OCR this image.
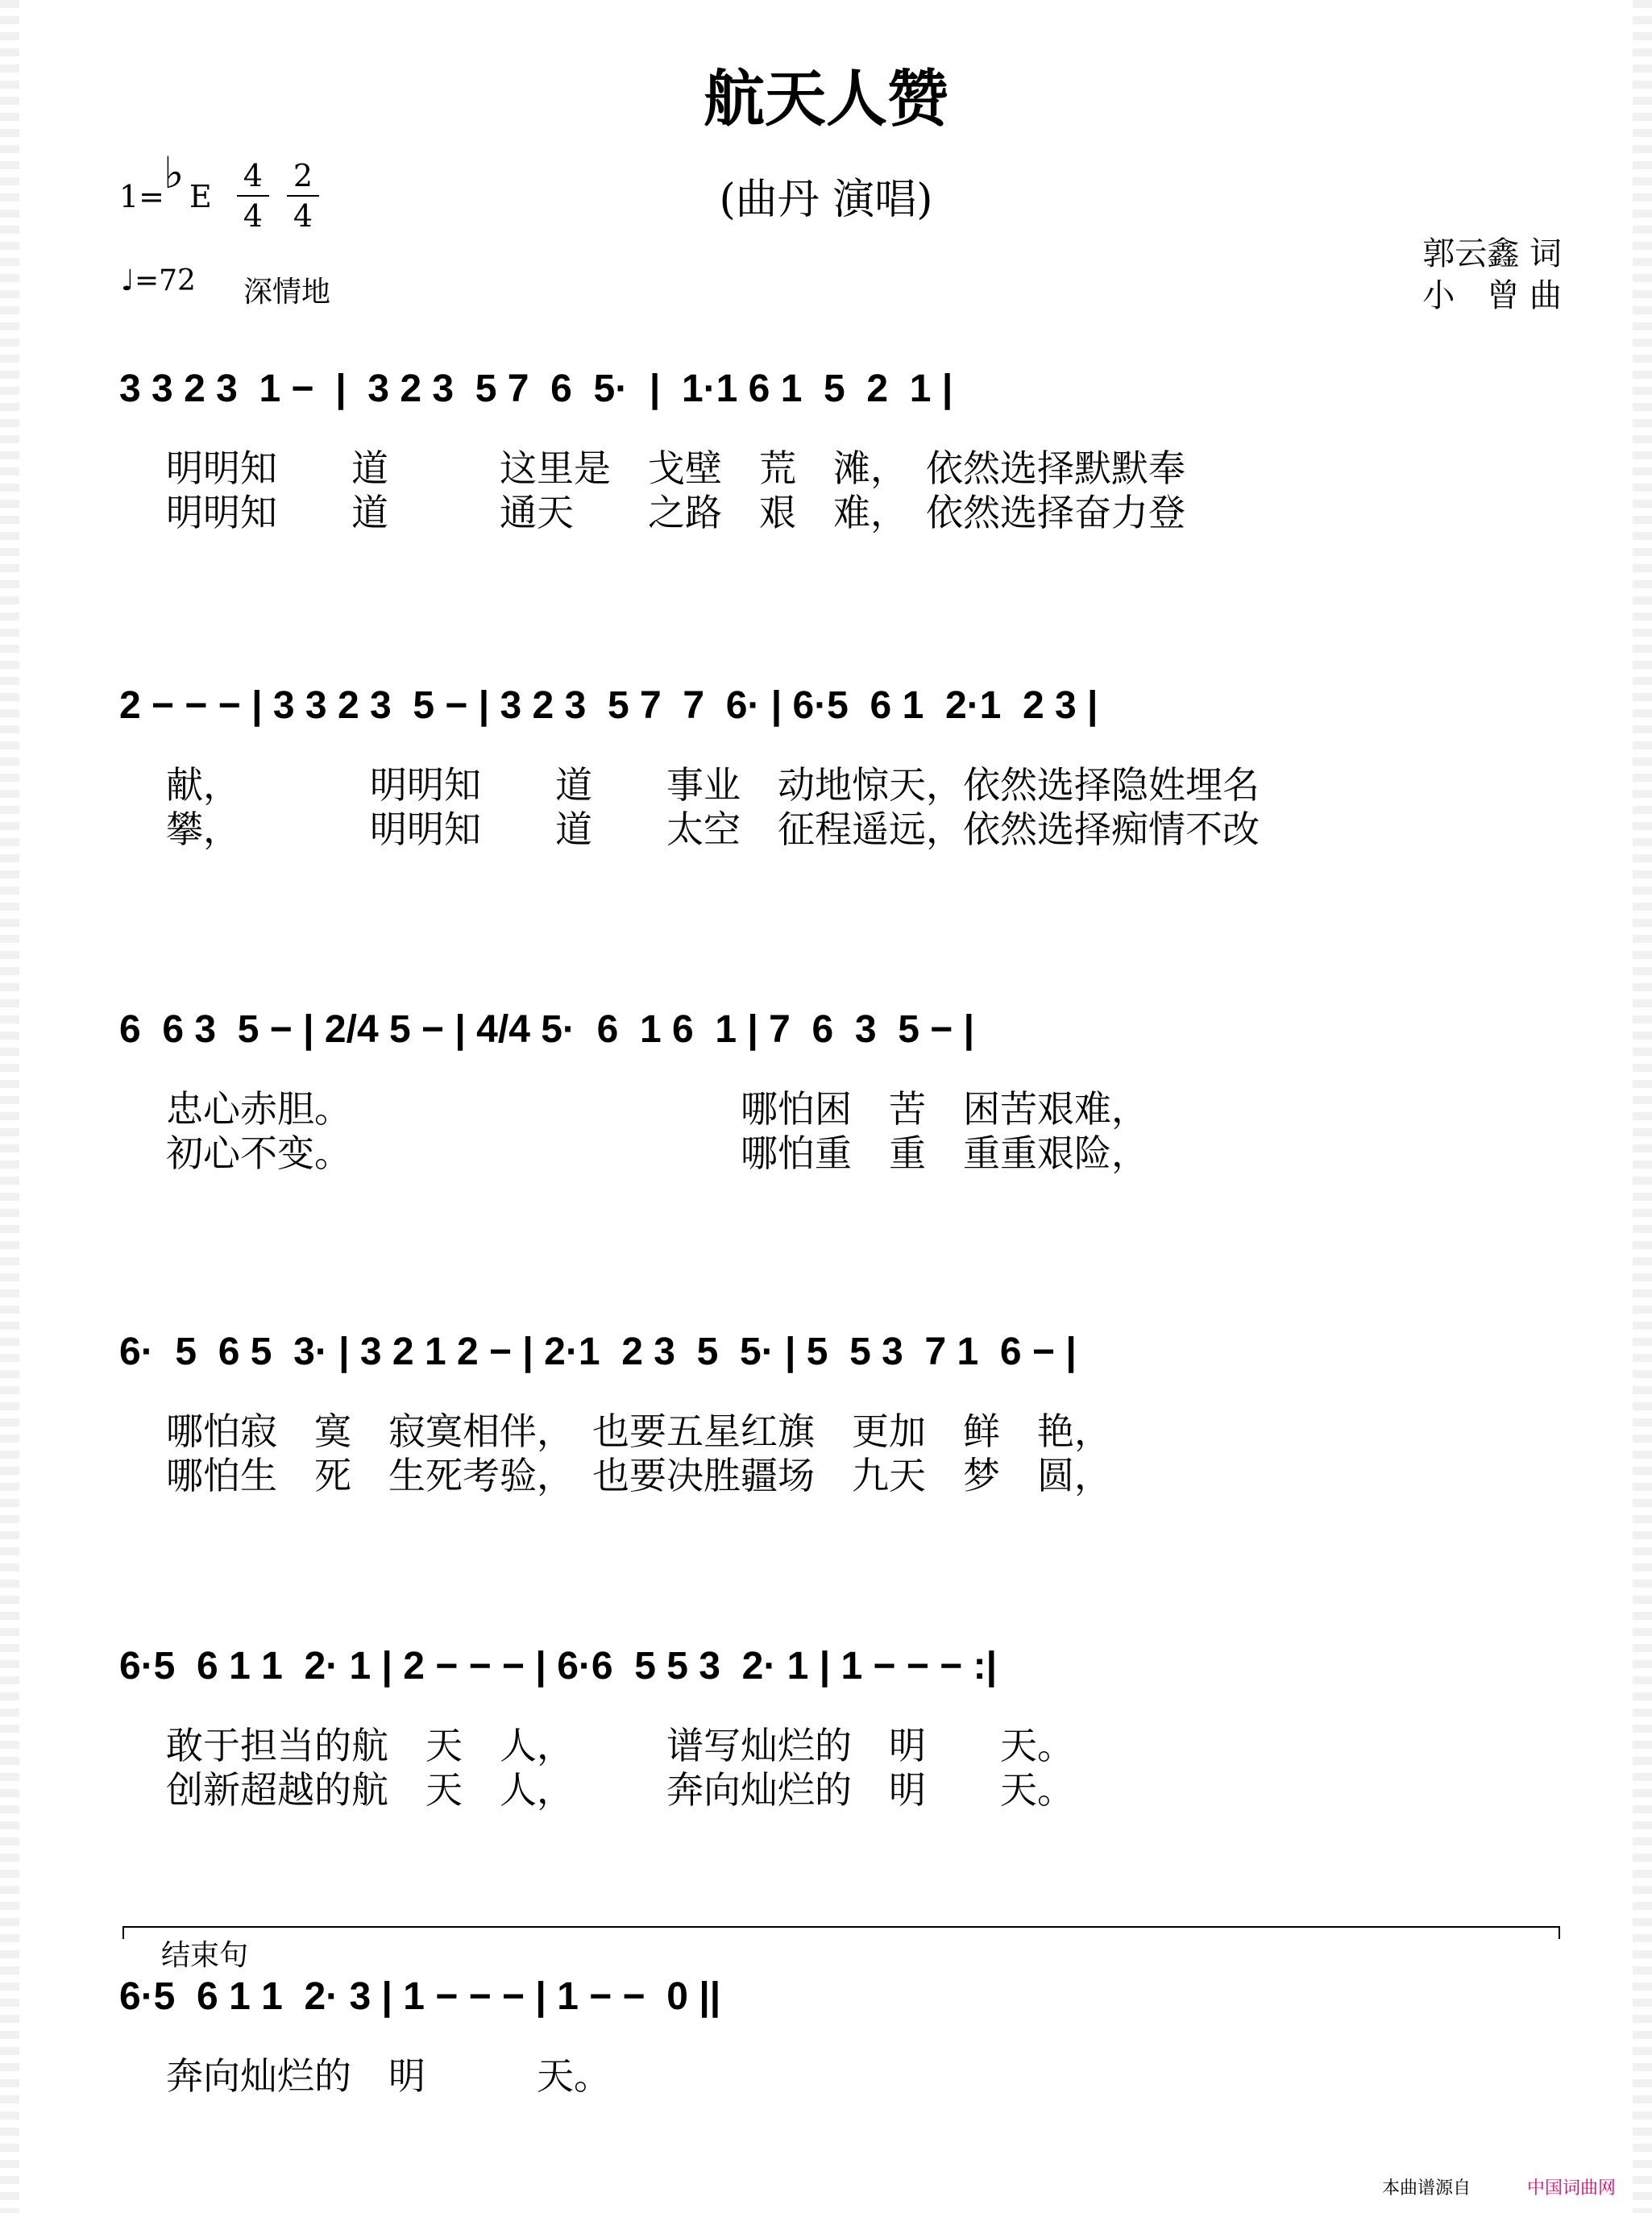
航天人赞
(曲丹 演唱)
1=
♭ E
4
4
2
4
♩=72 深情地
郭云鑫 词
小　曾 曲
3 3 2 3  1 −  |  3 2 3  5 7  6  5·  |  1·1 6 1  5  2  1 |
明明知　　道　　　这里是　戈壁　荒　滩，　依然选择默默奉
明明知　　道　　　通天　　之路　艰　难，　依然选择奋力登
2 − − − | 3 3 2 3  5 − | 3 2 3  5 7  7  6· | 6·5  6 1  2·1  2 3 |
献，　　　　明明知　　道　　事业　动地惊天，依然选择隐姓埋名
攀，　　　　明明知　　道　　太空　征程遥远，依然选择痴情不改
6  6 3  5 − | 2/4 5 − | 4/4 5·  6  1 6  1 | 7  6  3  5 − |
忠心赤胆。　　　　　　　　　　　哪怕困　苦　困苦艰难，
初心不变。　　　　　　　　　　　哪怕重　重　重重艰险，
6·  5  6 5  3· | 3 2 1 2 − | 2·1  2 3  5  5· | 5  5 3  7 1  6 − |
哪怕寂　寞　寂寞相伴，　也要五星红旗　更加　鲜　艳，
哪怕生　死　生死考验，　也要决胜疆场　九天　梦　圆，
6·5  6 1 1  2· 1 | 2 − − − | 6·6  5 5 3  2· 1 | 1 − − − :|
敢于担当的航　天　人，　　　谱写灿烂的　明　　天。
创新超越的航　天　人，　　　奔向灿烂的　明　　天。
6·5  6 1 1  2· 3 | 1 − − − | 1 − −  0 ||
奔向灿烂的　明　　　天。
结束句
本曲谱源自	中国词曲网
